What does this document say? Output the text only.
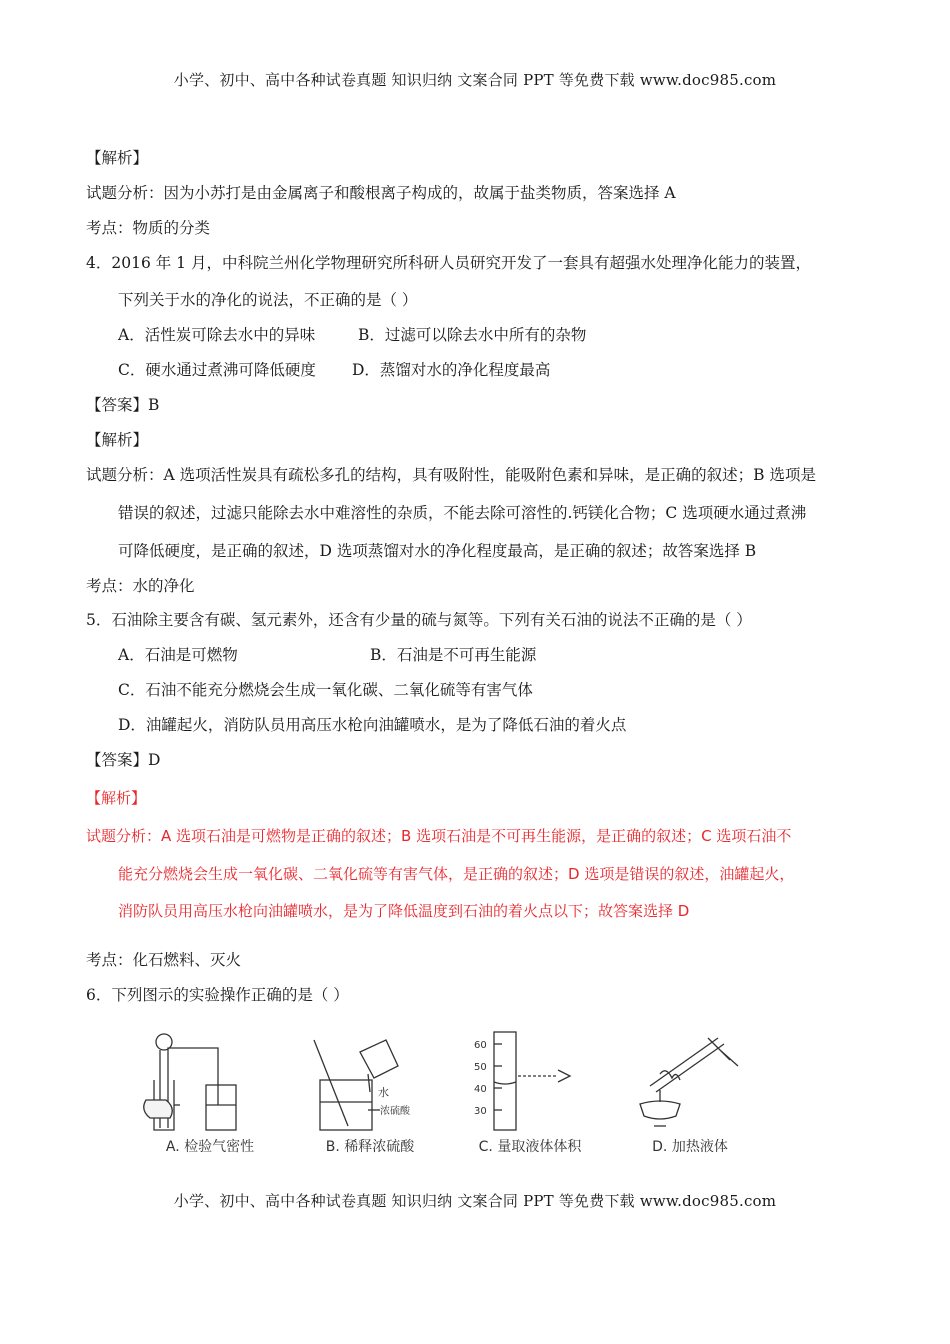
小学、初中、高中各种试卷真题 知识归纳 文案合同 PPT 等免费下载 www.doc985.com
【解析】
试题分析：因为小苏打是由金属离子和酸根离子构成的，故属于盐类物质，答案选择 A
考点：物质的分类
4．2016 年 1 月，中科院兰州化学物理研究所科研人员研究开发了一套具有超强水处理净化能力的装置，
下列关于水的净化的说法，不正确的是（ ）
A．活性炭可除去水中的异味	B．过滤可以除去水中所有的杂物
C．硬水通过煮沸可降低硬度 D．蒸馏对水的净化程度最高
【答案】B
【解析】
试题分析：A 选项活性炭具有疏松多孔的结构，具有吸附性，能吸附色素和异味，是正确的叙述；B 选项是
错误的叙述，过滤只能除去水中难溶性的杂质，不能去除可溶性的.钙镁化合物；C 选项硬水通过煮沸
可降低硬度，是正确的叙述，D 选项蒸馏对水的净化程度最高，是正确的叙述；故答案选择 B
考点：水的净化
5．石油除主要含有碳、氢元素外，还含有少量的硫与氮等。下列有关石油的说法不正确的是（ ）
A．石油是可燃物	B．石油是不可再生能源
C．石油不能充分燃烧会生成一氧化碳、二氧化硫等有害气体
D．油罐起火，消防队员用高压水枪向油罐喷水，是为了降低石油的着火点
【答案】D
【解析】
试题分析：A 选项石油是可燃物是正确的叙述；B 选项石油是不可再生能源，是正确的叙述；C 选项石油不
能充分燃烧会生成一氧化碳、二氧化硫等有害气体，是正确的叙述；D 选项是错误的叙述，油罐起火，
消防队员用高压水枪向油罐喷水，是为了降低温度到石油的着火点以下；故答案选择 D
考点：化石燃料、灭火
6．下列图示的实验操作正确的是（ ）
A. 检验气密性
水
浓硫酸
B. 稀释浓硫酸
60
50
40
30
C. 量取液体体积	D. 加热液体
小学、初中、高中各种试卷真题 知识归纳 文案合同 PPT 等免费下载 www.doc985.com
